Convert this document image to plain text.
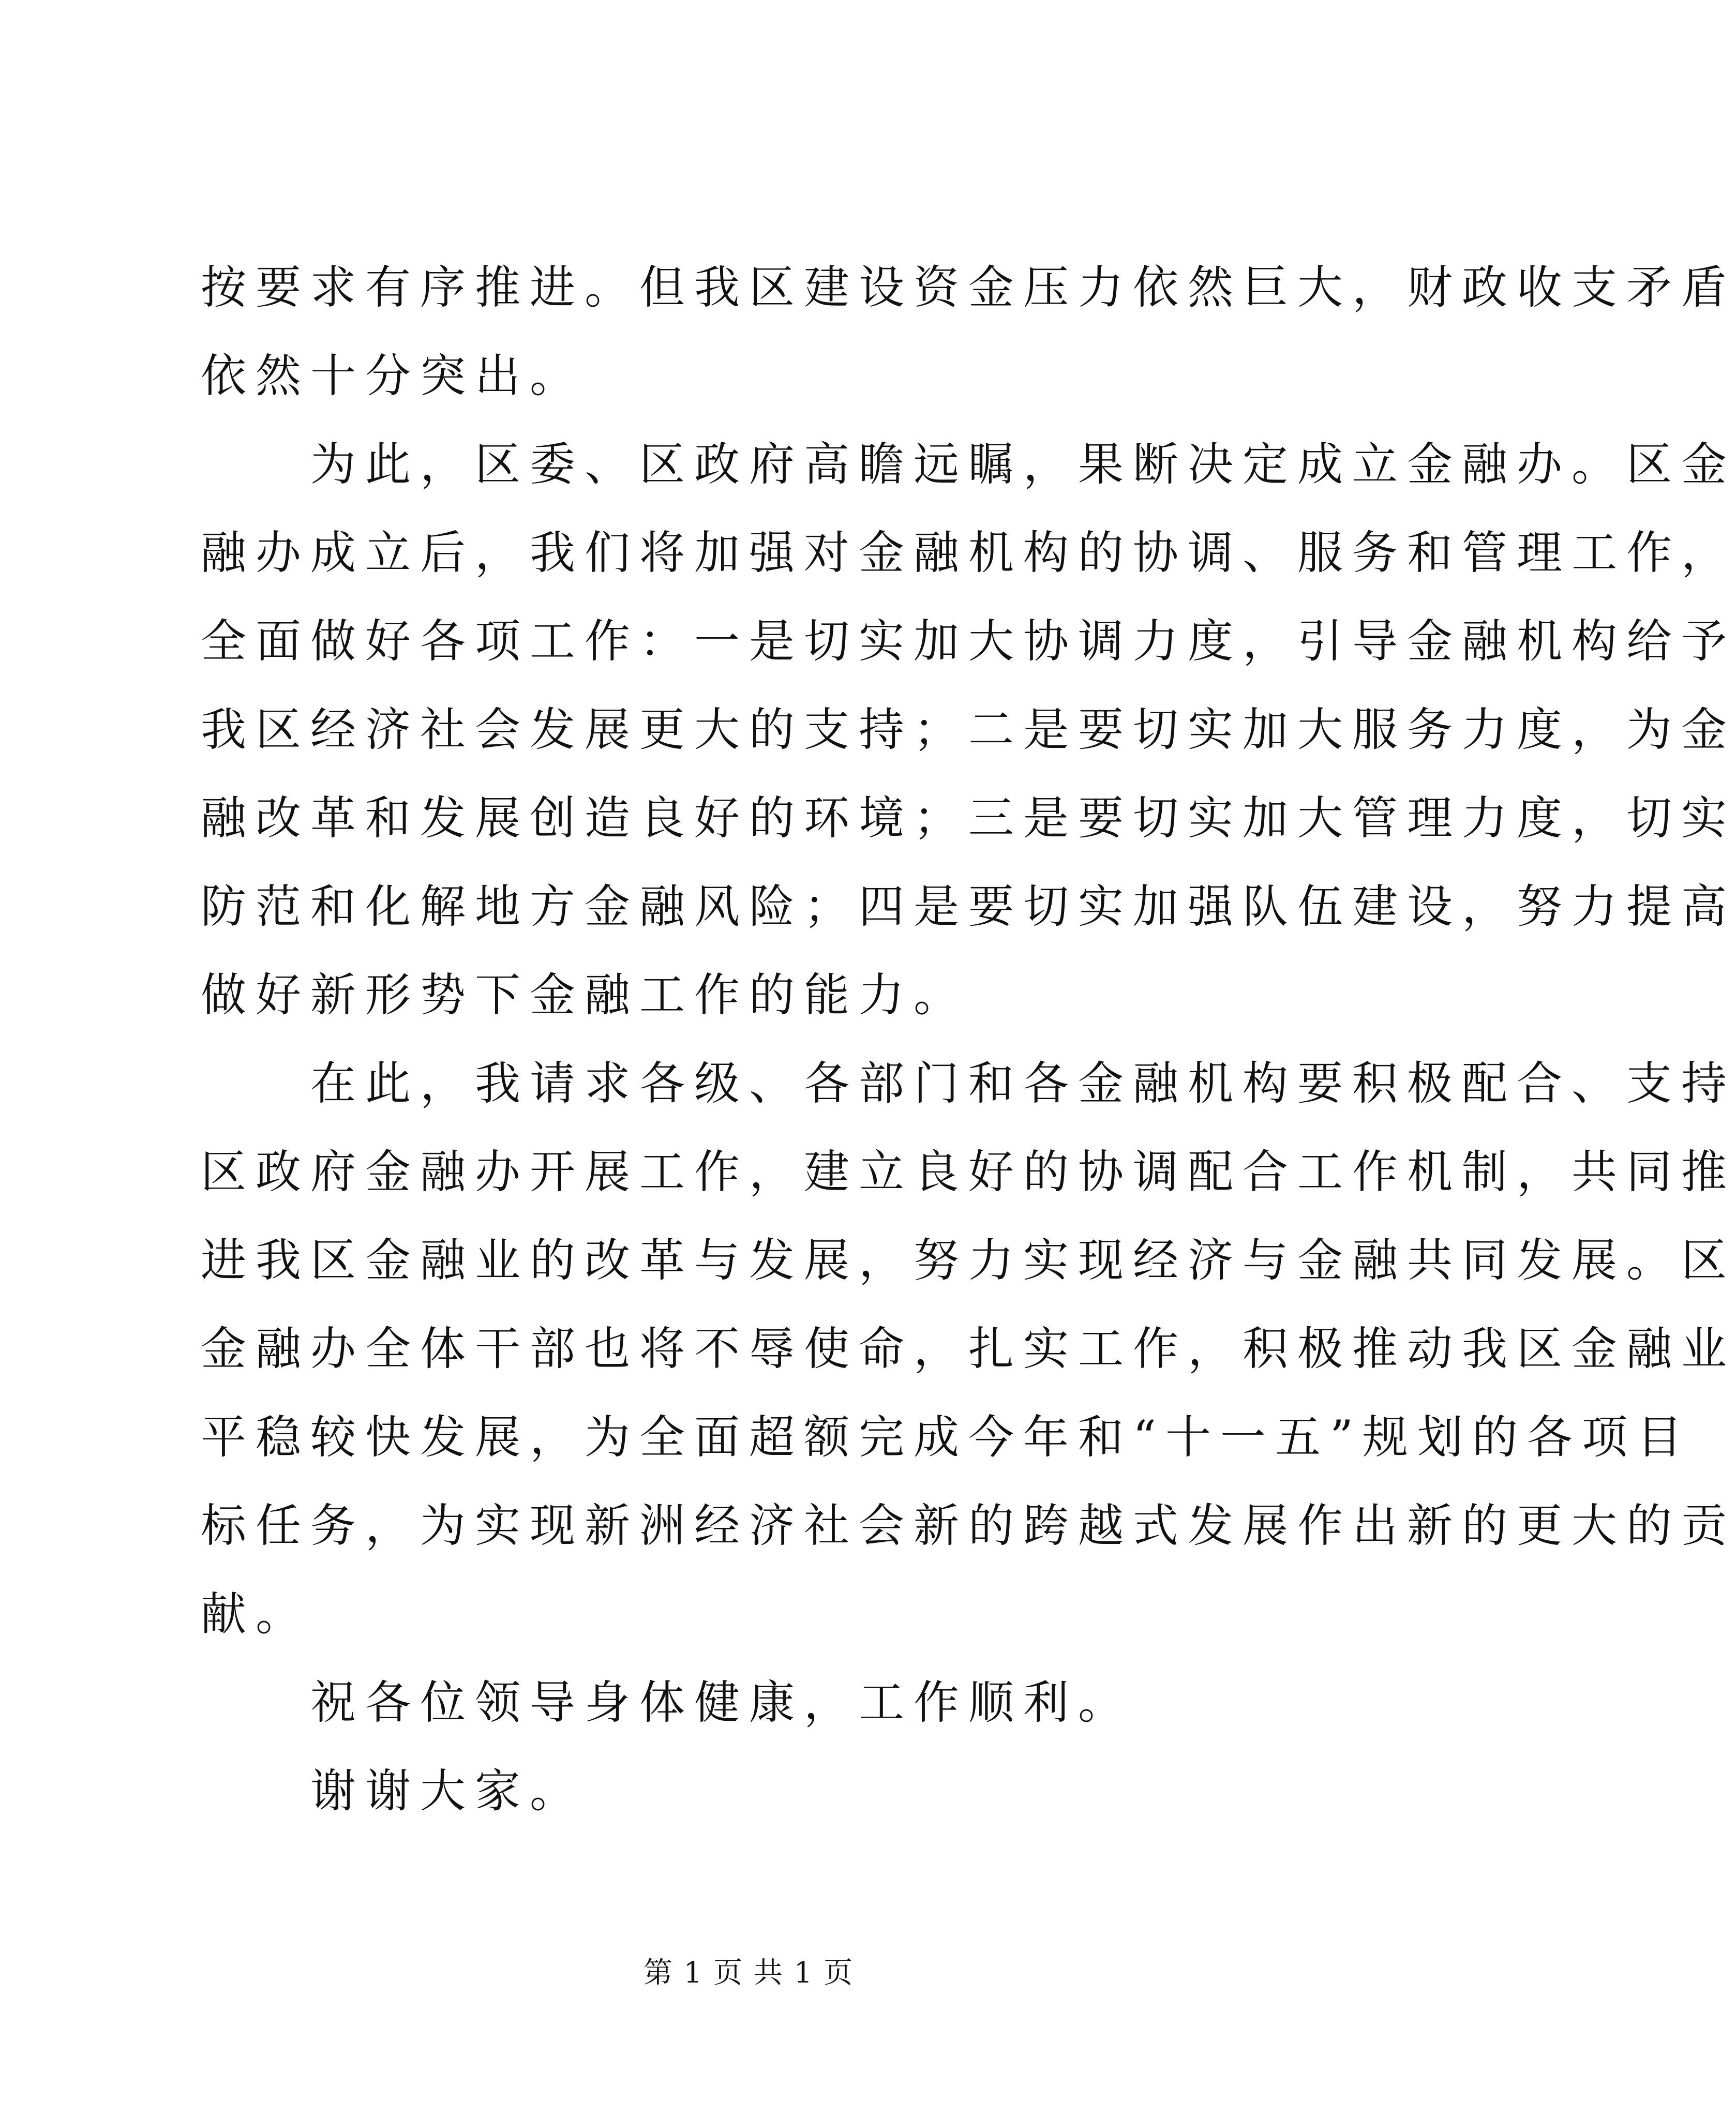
按要求有序推进。但我区建设资金压力依然巨大，财政收支矛盾
依然十分突出。
　　为此，区委、区政府高瞻远瞩，果断决定成立金融办。区金
融办成立后，我们将加强对金融机构的协调、服务和管理工作，
全面做好各项工作：一是切实加大协调力度，引导金融机构给予
我区经济社会发展更大的支持；二是要切实加大服务力度，为金
融改革和发展创造良好的环境；三是要切实加大管理力度，切实
防范和化解地方金融风险；四是要切实加强队伍建设，努力提高
做好新形势下金融工作的能力。
　　在此，我请求各级、各部门和各金融机构要积极配合、支持
区政府金融办开展工作，建立良好的协调配合工作机制，共同推
进我区金融业的改革与发展，努力实现经济与金融共同发展。区
金融办全体干部也将不辱使命，扎实工作，积极推动我区金融业
平稳较快发展，为全面超额完成今年和“十一五”规划的各项目
标任务，为实现新洲经济社会新的跨越式发展作出新的更大的贡
献。
　　祝各位领导身体健康，工作顺利。
　　谢谢大家。
第 1 页 共 1 页
